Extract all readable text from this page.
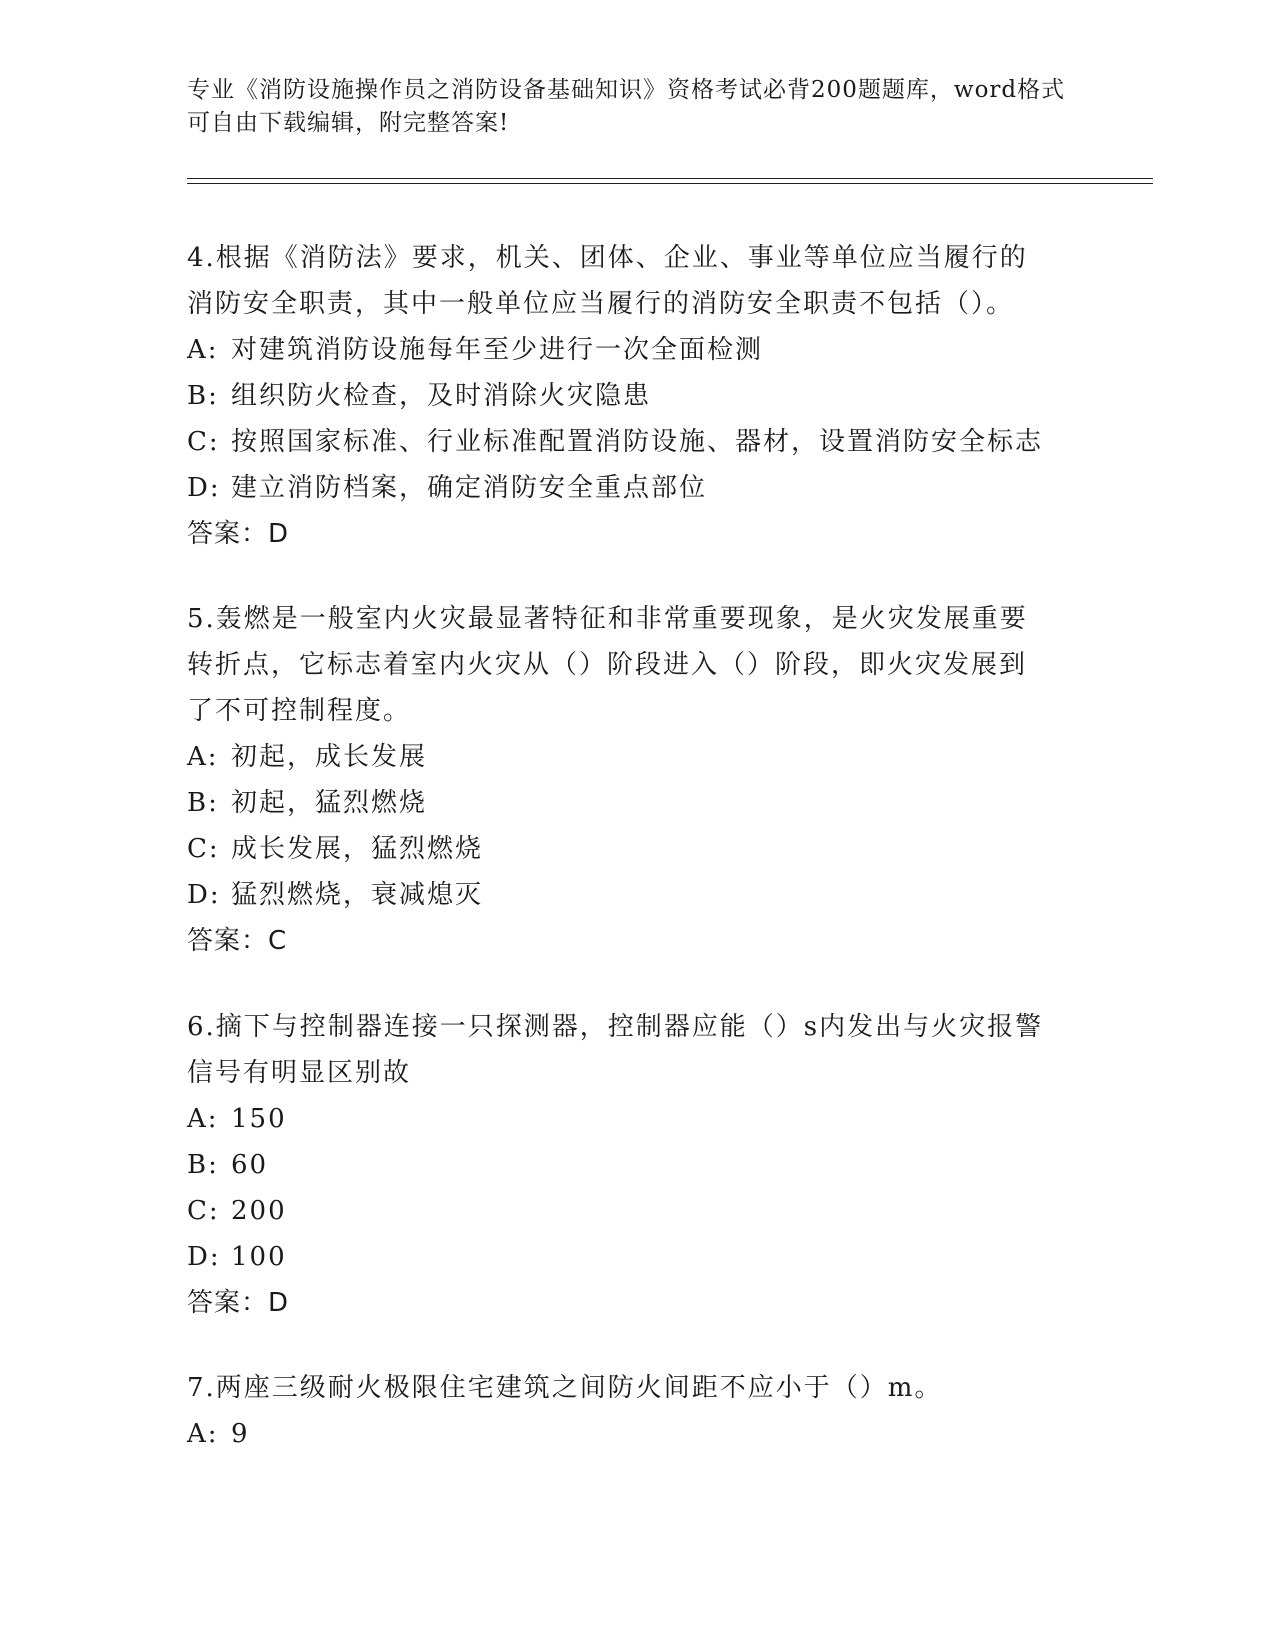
专业《消防设施操作员之消防设备基础知识》资格考试必背200题题库，word格式可自由下载编辑，附完整答案!

4.根据《消防法》要求，机关、团体、企业、事业等单位应当履行的

消防安全职责，其中一般单位应当履行的消防安全职责不包括（）。

A: 对建筑消防设施每年至少进行一次全面检测

B: 组织防火检查，及时消除火灾隐患

C: 按照国家标准、行业标准配置消防设施、器材，设置消防安全标志

D: 建立消防档案，确定消防安全重点部位

答案：D

5.轰燃是一般室内火灾最显著特征和非常重要现象，是火灾发展重要

转折点，它标志着室内火灾从（）阶段进入（）阶段，即火灾发展到

了不可控制程度。

A: 初起，成长发展

B: 初起，猛烈燃烧

C: 成长发展，猛烈燃烧

D: 猛烈燃烧，衰减熄灭

答案：C

6.摘下与控制器连接一只探测器，控制器应能（）s内发出与火灾报警

信号有明显区别故

A: 150

B: 60

C: 200

D: 100

答案：D

7.两座三级耐火极限住宅建筑之间防火间距不应小于（）m。

A: 9
